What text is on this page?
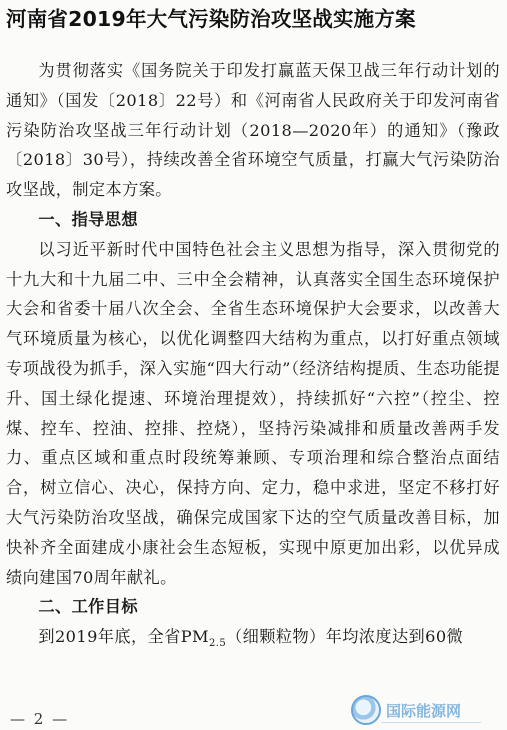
河南省2019年大气污染防治攻坚战实施方案

为贯彻落实《国务院关于印发打赢蓝天保卫战三年行动计划的通知》（国发〔2018〕22号）和《河南省人民政府关于印发河南省污染防治攻坚战三年行动计划（2018—2020年）的通知》（豫政〔2018〕30号），持续改善全省环境空气质量，打赢大气污染防治攻坚战，制定本方案。

一、指导思想

以习近平新时代中国特色社会主义思想为指导，深入贯彻党的十九大和十九届二中、三中全会精神，认真落实全国生态环境保护大会和省委十届八次全会、全省生态环境保护大会要求，以改善大气环境质量为核心，以优化调整四大结构为重点，以打好重点领域专项战役为抓手，深入实施“四大行动”（经济结构提质、生态功能提升、国土绿化提速、环境治理提效），持续抓好“六控”（控尘、控煤、控车、控油、控排、控烧），坚持污染减排和质量改善两手发力、重点区域和重点时段统筹兼顾、专项治理和综合整治点面结合，树立信心、决心，保持方向、定力，稳中求进，坚定不移打好大气污染防治攻坚战，确保完成国家下达的空气质量改善目标，加快补齐全面建成小康社会生态短板，实现中原更加出彩，以优异成绩向建国70周年献礼。

二、工作目标

到2019年底，全省$PM_{2.5}$（细颗粒物）年均浓度达到60微

— 2 —	国际能源网
